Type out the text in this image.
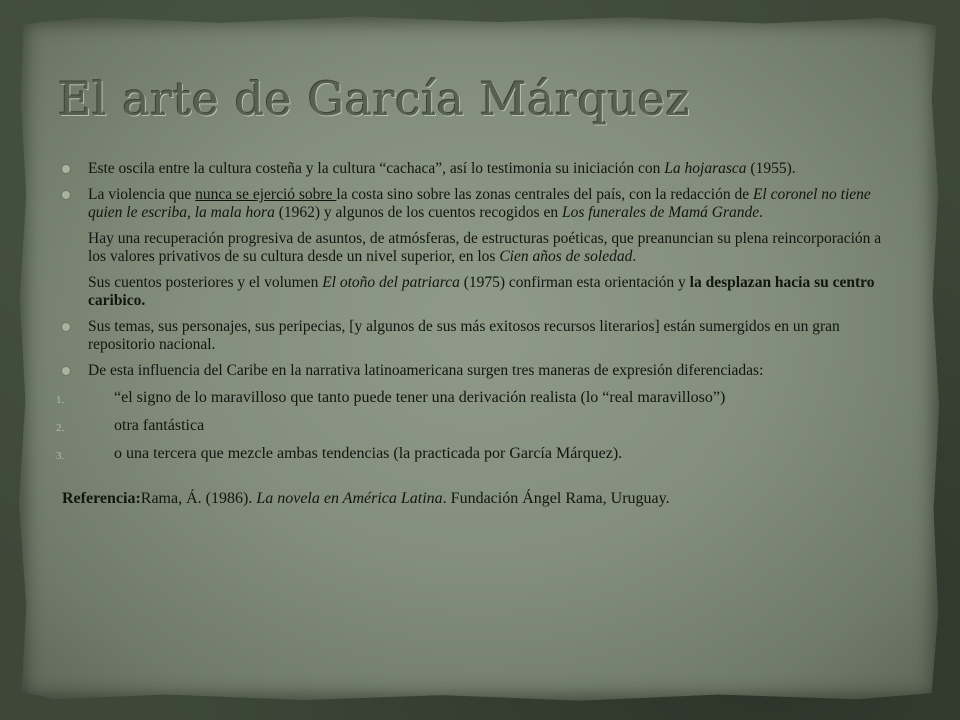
El arte de García Márquez

Este oscila entre la cultura costeña y la cultura “cachaca”, así lo testimonia su iniciación con La hojarasca (1955).

La violencia que nunca se ejerció sobre la costa sino sobre las zonas centrales del país, con la redacción de El coronel no tiene quien le escriba, la mala hora (1962) y algunos de los cuentos recogidos en Los funerales de Mamá Grande.

Hay una recuperación progresiva de asuntos, de atmósferas, de estructuras poéticas, que preanuncian su plena reincorporación a los valores privativos de su cultura desde un nivel superior, en los Cien años de soledad.

Sus cuentos posteriores y el volumen El otoño del patriarca (1975) confirman esta orientación y la desplazan hacia su centro caribico.

Sus temas, sus personajes, sus peripecias, [y algunos de sus más exitosos recursos literarios] están sumergidos en un gran repositorio nacional.

De esta influencia del Caribe en la narrativa latinoamericana surgen tres maneras de expresión diferenciadas:

1.	“el signo de lo maravilloso que tanto puede tener una derivación realista (lo “real maravilloso”)

2.	otra fantástica

3.	o una tercera que mezcle ambas tendencias (la practicada por García Márquez).

Referencia:Rama, Á. (1986). La novela en América Latina. Fundación Ángel Rama, Uruguay.
